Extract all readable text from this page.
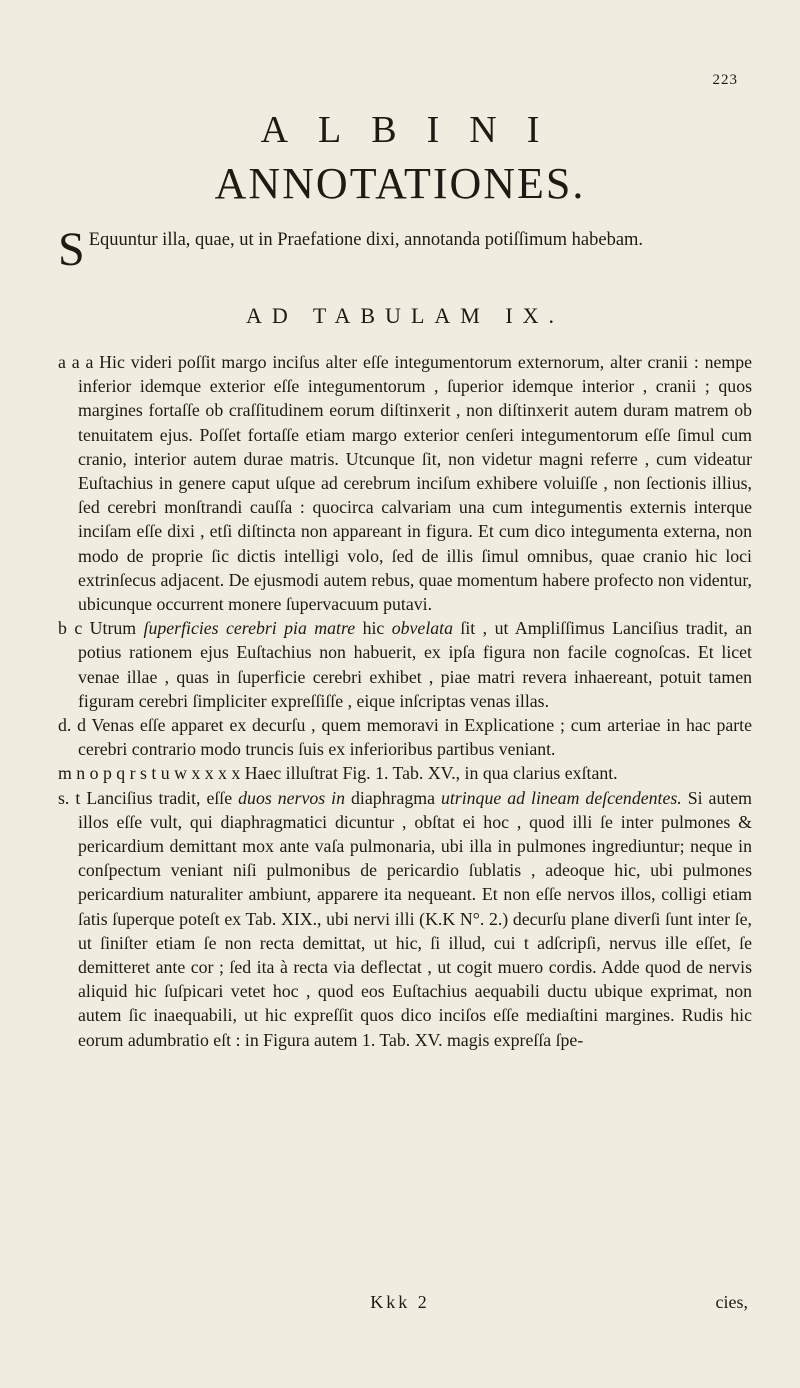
223
ALBINI
ANNOTATIONES.
S Equuntur illa, quae, ut in Praefatione dixi, annotanda potiſſimum habebam.
AD TABULAM IX.

a a a Hic videri poſſit margo inciſus alter eſſe integumentorum externorum, alter cranii : nempe inferior idemque exterior eſſe integumentorum , ſuperior idemque interior , cranii ; quos margines fortaſſe ob craſſitudinem eorum diſtinxerit , non diſtinxerit autem duram matrem ob tenuitatem ejus. Poſſet fortaſſe etiam margo exterior cenſeri integumentorum eſſe ſimul cum cranio, interior autem durae matris. Utcunque ſit, non videtur magni referre , cum videatur Euſtachius in genere caput uſque ad cerebrum inciſum exhibere voluiſſe , non ſectionis illius, ſed cerebri monſtrandi cauſſa : quocirca calvariam una cum integumentis externis interque inciſam eſſe dixi , etſi diſtincta non appareant in figura. Et cum dico integumenta externa, non modo de proprie ſic dictis intelligi volo, ſed de illis ſimul omnibus, quae cranio hic loci extrinſecus adjacent. De ejusmodi autem rebus, quae momentum habere profecto non videntur, ubicunque occurrent monere ſupervacuum putavi.

b c Utrum ſuperficies cerebri pia matre hic obvelata ſit , ut Ampliſſimus Lanciſius tradit, an potius rationem ejus Euſtachius non habuerit, ex ipſa figura non facile cognoſcas. Et licet venae illae , quas in ſuperficie cerebri exhibet , piae matri revera inhaereant, potuit tamen figuram cerebri ſimpliciter expreſſiſſe , eique inſcriptas venas illas.

d. d Venas eſſe apparet ex decurſu , quem memoravi in Explicatione ; cum arteriae in hac parte cerebri contrario modo truncis ſuis ex inferioribus partibus veniant.

m n o p q r s t u w x x x x Haec illuſtrat Fig. 1. Tab. XV., in qua clarius exſtant.

s. t Lanciſius tradit, eſſe duos nervos in diaphragma utrinque ad lineam deſcendentes. Si autem illos eſſe vult, qui diaphragmatici dicuntur , obſtat ei hoc , quod illi ſe inter pulmones & pericardium demittant mox ante vaſa pulmonaria, ubi illa in pulmones ingrediuntur; neque in conſpectum veniant niſi pulmonibus de pericardio ſublatis , adeoque hic, ubi pulmones pericardium naturaliter ambiunt, apparere ita nequeant. Et non eſſe nervos illos, colligi etiam ſatis ſuperque poteſt ex Tab. XIX., ubi nervi illi (K.K N°. 2.) decurſu plane diverſi ſunt inter ſe, ut ſiniſter etiam ſe non recta demittat, ut hic, ſi illud, cui t adſcripſi, nervus ille eſſet, ſe demitteret ante cor ; ſed ita à recta via deflectat , ut cogit muero cordis. Adde quod de nervis aliquid hic ſuſpicari vetet hoc , quod eos Euſtachius aequabili ductu ubique exprimat, non autem ſic inaequabili, ut hic expreſſit quos dico inciſos eſſe mediaſtini margines. Rudis hic eorum adumbratio eſt : in Figura autem 1. Tab. XV. magis expreſſa ſpe-

Kkk 2	cies,
